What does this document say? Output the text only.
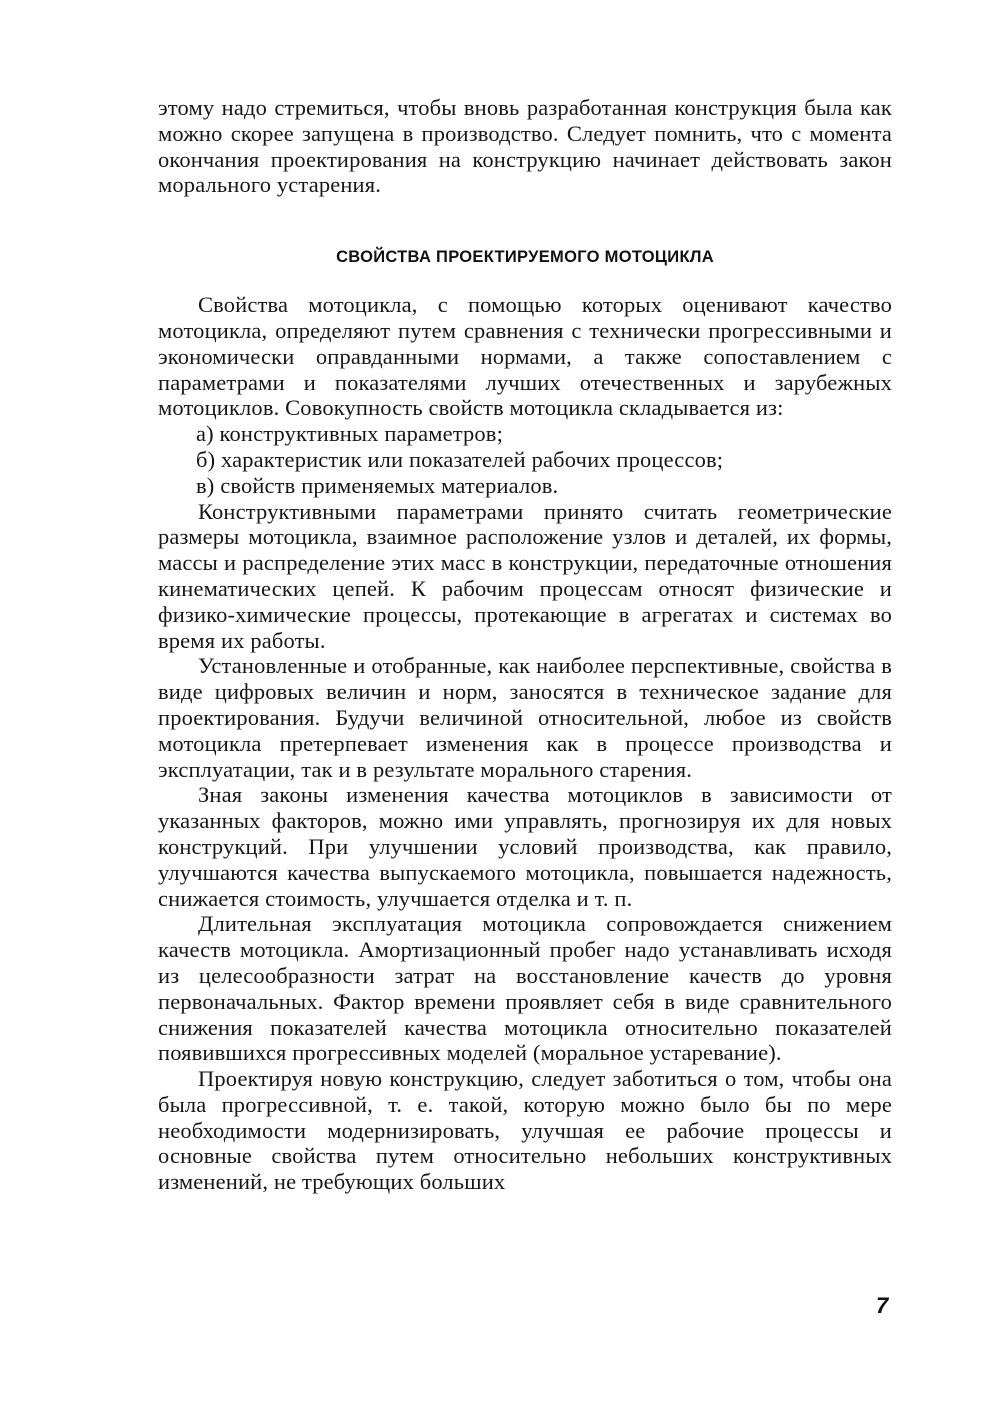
этому надо стремиться, чтобы вновь разработанная конструкция была как можно скорее запущена в производство. Следует помнить, что с момента окончания проектирования на конструкцию начинает действовать закон морального устарения.

СВОЙСТВА ПРОЕКТИРУЕМОГО МОТОЦИКЛА

Свойства мотоцикла, с помощью которых оценивают качество мотоцикла, определяют путем сравнения с технически прогрессивными и экономически оправданными нормами, а также сопоставлением с параметрами и показателями лучших отечественных и зарубежных мотоциклов. Совокупность свойств мотоцикла складывается из:

а) конструктивных параметров;

б) характеристик или показателей рабочих процессов;

в) свойств применяемых материалов.

Конструктивными параметрами принято считать геометрические размеры мотоцикла, взаимное расположение узлов и деталей, их формы, массы и распределение этих масс в конструкции, передаточные отношения кинематических цепей. К рабочим процессам относят физические и физико-химические процессы, протекающие в агрегатах и системах во время их работы.

Установленные и отобранные, как наиболее перспективные, свойства в виде цифровых величин и норм, заносятся в техническое задание для проектирования. Будучи величиной относительной, любое из свойств мотоцикла претерпевает изменения как в процессе производства и эксплуатации, так и в результате морального старения.

Зная законы изменения качества мотоциклов в зависимости от указанных факторов, можно ими управлять, прогнозируя их для новых конструкций. При улучшении условий производства, как правило, улучшаются качества выпускаемого мотоцикла, повышается надежность, снижается стоимость, улучшается отделка и т. п.

Длительная эксплуатация мотоцикла сопровождается снижением качеств мотоцикла. Амортизационный пробег надо устанавливать исходя из целесообразности затрат на восстановление качеств до уровня первоначальных. Фактор времени проявляет себя в виде сравнительного снижения показателей качества мотоцикла относительно показателей появившихся прогрессивных моделей (моральное устаревание).

Проектируя новую конструкцию, следует заботиться о том, чтобы она была прогрессивной, т. е. такой, которую можно было бы по мере необходимости модернизировать, улучшая ее рабочие процессы и основные свойства путем относительно небольших конструктивных изменений, не требующих больших

7
